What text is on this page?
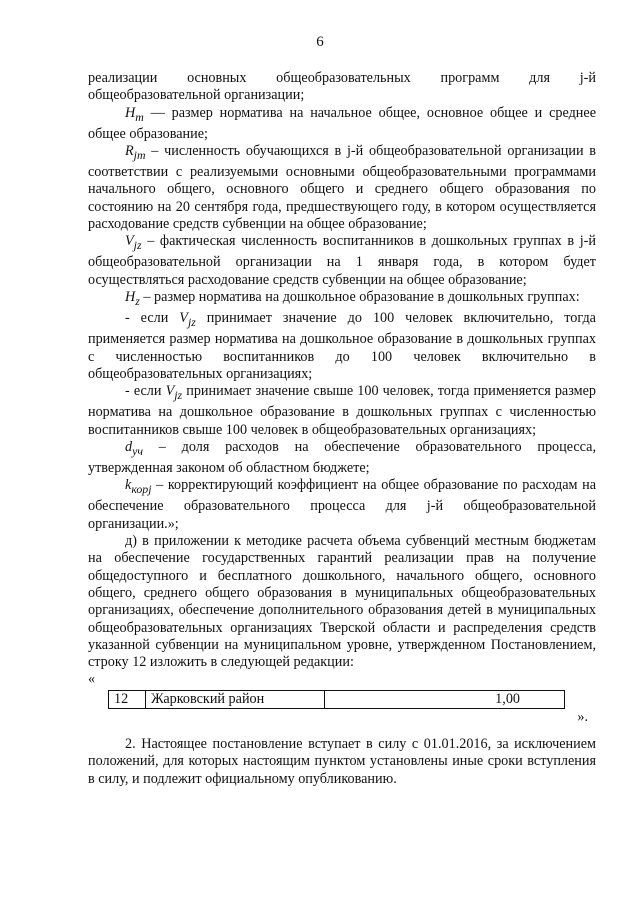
6

реализации основных общеобразовательных программ для j-й общеобразовательной организации;

$Н_m$ — размер норматива на начальное общее, основное общее и среднее общее образование;

$R_{jm}$ – численность обучающихся в j-й общеобразовательной организации в соответствии с реализуемыми основными общеобразовательными программами начального общего, основного общего и среднего общего образования по состоянию на 20 сентября года, предшествующего году, в котором осуществляется расходование средств субвенции на общее образование;

$V_{jz}$ – фактическая численность воспитанников в дошкольных группах в j-й общеобразовательной организации на 1 января года, в котором будет осуществляться расходование средств субвенции на общее образование;

$Н_z$ – размер норматива на дошкольное образование в дошкольных группах:

- если $V_{jz}$ принимает значение до 100 человек включительно, тогда применяется размер норматива на дошкольное образование в дошкольных группах с численностью воспитанников до 100 человек включительно в общеобразовательных организациях;

- если $V_{jz}$ принимает значение свыше 100 человек, тогда применяется размер норматива на дошкольное образование в дошкольных группах с численностью воспитанников свыше 100 человек в общеобразовательных организациях;

$d_{уч}$ – доля расходов на обеспечение образовательного процесса, утвержденная законом об областном бюджете;

$k_{корj}$ – корректирующий коэффициент на общее образование по расходам на обеспечение образовательного процесса для j-й общеобразовательной организации.»;

д) в приложении к методике расчета объема субвенций местным бюджетам на обеспечение государственных гарантий реализации прав на получение общедоступного и бесплатного дошкольного, начального общего, основного общего, среднего общего образования в муниципальных общеобразовательных организациях, обеспечение дополнительного образования детей в муниципальных общеобразовательных организациях Тверской области и распределения средств указанной субвенции на муниципальном уровне, утвержденном Постановлением, строку 12 изложить в следующей редакции:

«

12	Жарковский район	1,00

».

2. Настоящее постановление вступает в силу с 01.01.2016, за исключением положений, для которых настоящим пунктом установлены иные сроки вступления в силу, и подлежит официальному опубликованию.
